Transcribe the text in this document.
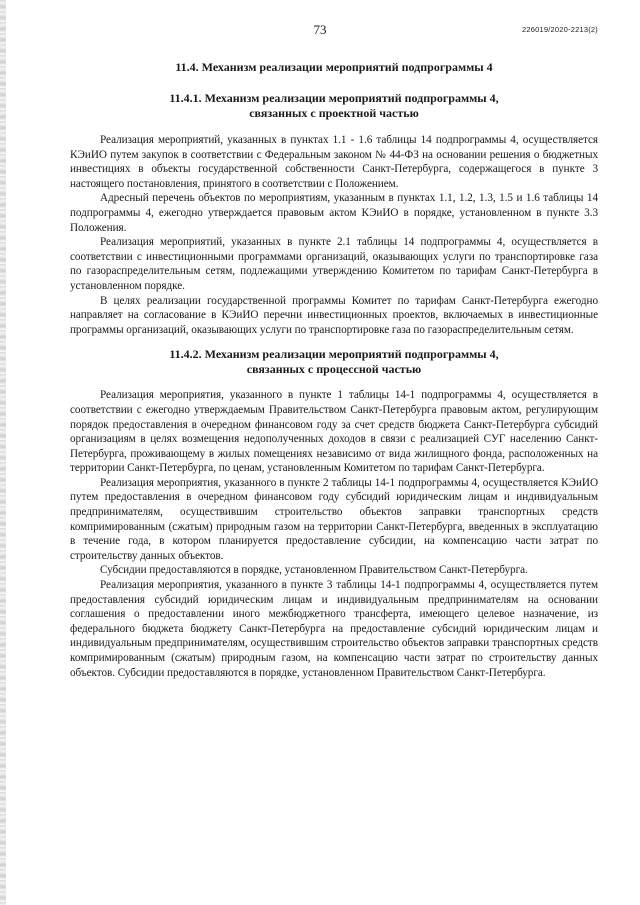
73	226019/2020-2213(2)
11.4. Механизм реализации мероприятий подпрограммы 4
11.4.1. Механизм реализации мероприятий подпрограммы 4,
связанных с проектной частью

Реализация мероприятий, указанных в пунктах 1.1 - 1.6 таблицы 14 подпрограммы 4, осуществляется КЭиИО путем закупок в соответствии с Федеральным законом № 44-ФЗ на основании решения о бюджетных инвестициях в объекты государственной собственности Санкт-Петербурга, содержащегося в пункте 3 настоящего постановления, принятого в соответствии с Положением.

Адресный перечень объектов по мероприятиям, указанным в пунктах 1.1, 1.2, 1.3, 1.5 и 1.6 таблицы 14 подпрограммы 4, ежегодно утверждается правовым актом КЭиИО в порядке, установленном в пункте 3.3 Положения.

Реализация мероприятий, указанных в пункте 2.1 таблицы 14 подпрограммы 4, осуществляется в соответствии с инвестиционными программами организаций, оказывающих услуги по транспортировке газа по газораспределительным сетям, подлежащими утверждению Комитетом по тарифам Санкт-Петербурга в установленном порядке.

В целях реализации государственной программы Комитет по тарифам Санкт-Петербурга ежегодно направляет на согласование в КЭиИО перечни инвестиционных проектов, включаемых в инвестиционные программы организаций, оказывающих услуги по транспортировке газа по газораспределительным сетям.

11.4.2. Механизм реализации мероприятий подпрограммы 4,
связанных с процессной частью

Реализация мероприятия, указанного в пункте 1 таблицы 14-1 подпрограммы 4, осуществляется в соответствии с ежегодно утверждаемым Правительством Санкт-Петербурга правовым актом, регулирующим порядок предоставления в очередном финансовом году за счет средств бюджета Санкт-Петербурга субсидий организациям в целях возмещения недополученных доходов в связи с реализацией СУГ населению Санкт-Петербурга, проживающему в жилых помещениях независимо от вида жилищного фонда, расположенных на территории Санкт-Петербурга, по ценам, установленным Комитетом по тарифам Санкт-Петербурга.

Реализация мероприятия, указанного в пункте 2 таблицы 14-1 подпрограммы 4, осуществляется КЭиИО путем предоставления в очередном финансовом году субсидий юридическим лицам и индивидуальным предпринимателям, осуществившим строительство объектов заправки транспортных средств компримированным (сжатым) природным газом на территории Санкт-Петербурга, введенных в эксплуатацию в течение года, в котором планируется предоставление субсидии, на компенсацию части затрат по строительству данных объектов.

Субсидии предоставляются в порядке, установленном Правительством Санкт-Петербурга.

Реализация мероприятия, указанного в пункте 3 таблицы 14-1 подпрограммы 4, осуществляется путем предоставления субсидий юридическим лицам и индивидуальным предпринимателям на основании соглашения о предоставлении иного межбюджетного трансферта, имеющего целевое назначение, из федерального бюджета бюджету Санкт-Петербурга на предоставление субсидий юридическим лицам и индивидуальным предпринимателям, осуществившим строительство объектов заправки транспортных средств компримированным (сжатым) природным газом, на компенсацию части затрат по строительству данных объектов. Субсидии предоставляются в порядке, установленном Правительством Санкт-Петербурга.
